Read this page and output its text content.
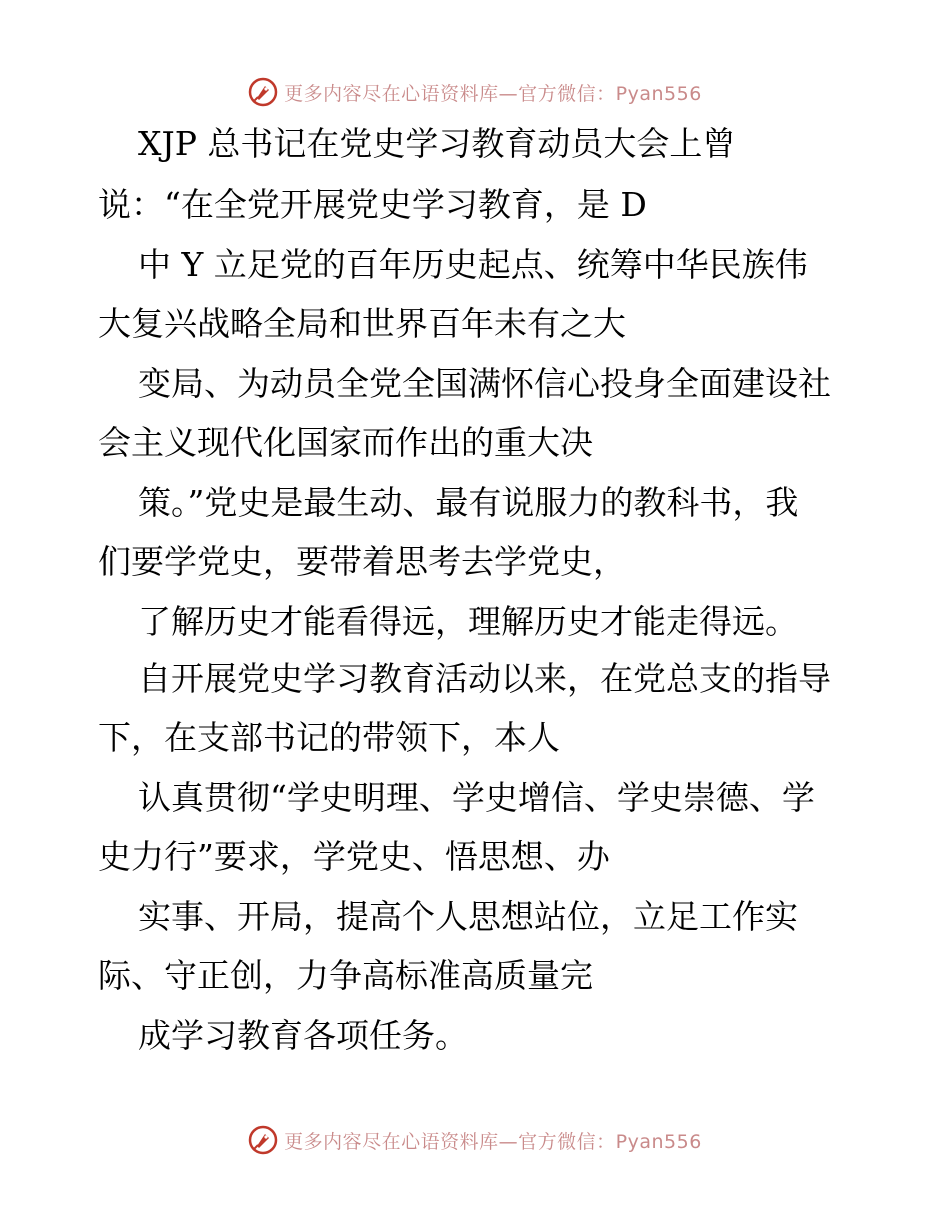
更多内容尽在心语资料库—官方微信：Pyan556
XJP 总书记在党史学习教育动员大会上曾
说：“在全党开展党史学习教育，是 D
中 Y 立足党的百年历史起点、统筹中华民族伟
大复兴战略全局和世界百年未有之大
变局、为动员全党全国满怀信心投身全面建设社
会主义现代化国家而作出的重大决
策。”党史是最生动、最有说服力的教科书，我
们要学党史，要带着思考去学党史，
了解历史才能看得远，理解历史才能走得远。
自开展党史学习教育活动以来，在党总支的指导
下，在支部书记的带领下，本人
认真贯彻“学史明理、学史增信、学史崇德、学
史力行”要求，学党史、悟思想、办
实事、开局，提高个人思想站位，立足工作实
际、守正创，力争高标准高质量完
成学习教育各项任务。
更多内容尽在心语资料库—官方微信：Pyan556
